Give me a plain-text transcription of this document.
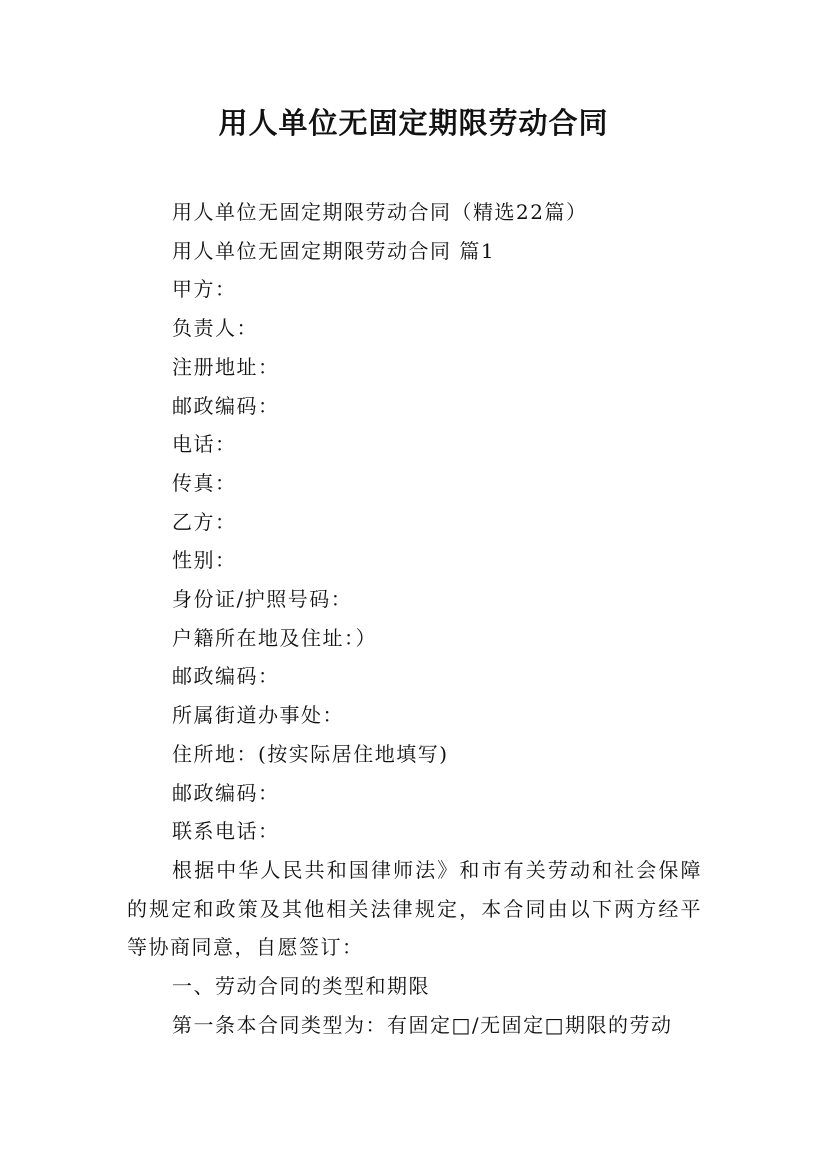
用人单位无固定期限劳动合同
用人单位无固定期限劳动合同（精选22篇）
用人单位无固定期限劳动合同 篇1
甲方：
负责人：
注册地址：
邮政编码：
电话：
传真：
乙方：
性别：
身份证/护照号码：
户籍所在地及住址：）
邮政编码：
所属街道办事处：
住所地：(按实际居住地填写)
邮政编码：
联系电话：
根据中华人民共和国律师法》和市有关劳动和社会保障的规定和政策及其他相关法律规定，本合同由以下两方经平等协商同意，自愿签订：
一、劳动合同的类型和期限
第一条本合同类型为：有固定□/无固定□期限的劳动
